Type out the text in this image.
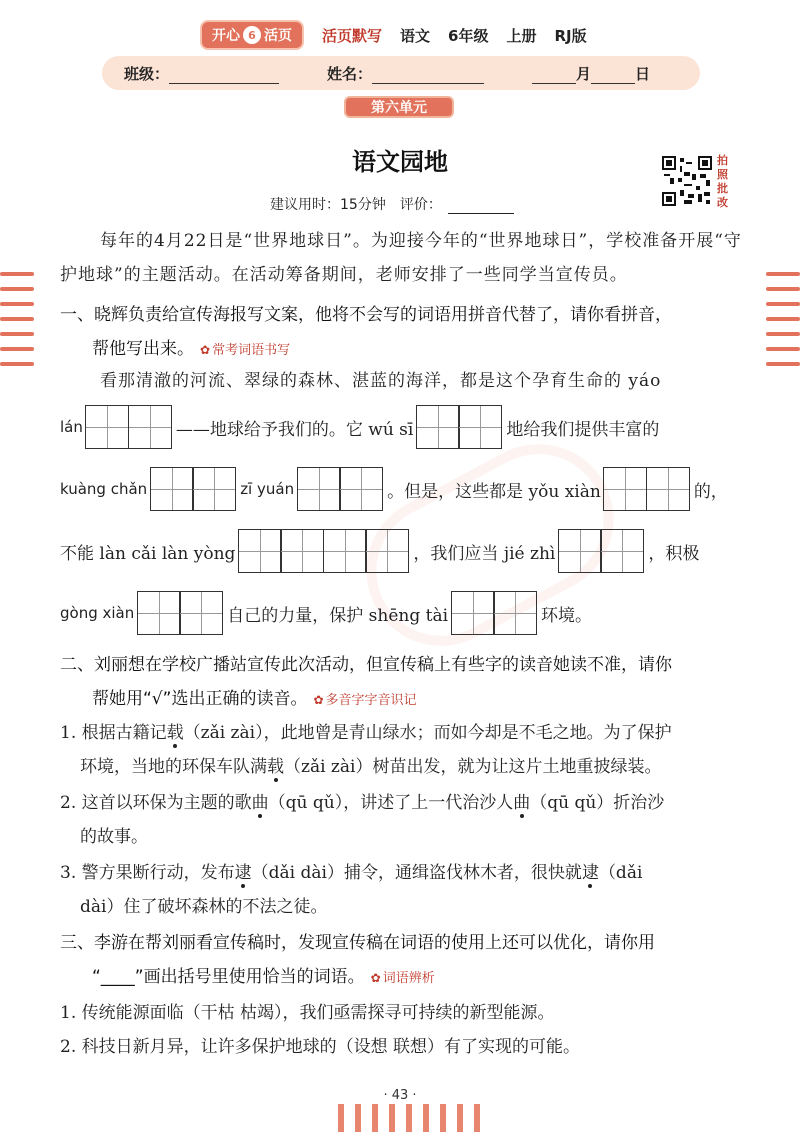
开心 6 活页 活页默写 语文 6年级 上册 RJ版
班级：	姓名：	月	日
第六单元
语文园地
建议用时：15分钟 评价：
拍
照
批
改
每年的4月22日是“世界地球日”。为迎接今年的“世界地球日”，学校准备开展“守护地球”的主题活动。在活动筹备期间，老师安排了一些同学当宣传员。
一、晓辉负责给宣传海报写文案，他将不会写的词语用拼音代替了，请你看拼音，
帮他写出来。 ✿ 常考词语书写
看那清澈的河流、翠绿的森林、湛蓝的海洋，都是这个孕育生命的 yáo
lán	——地球给予我们的。它 wú sī	地给我们提供丰富的
kuàng chǎn	zī yuán	。但是，这些都是 yǒu xiàn	的，
不能 làn cǎi làn yòng	，我们应当 jié zhì	，积极
gòng xiàn	自己的力量，保护 shēng tài	环境。
二、刘丽想在学校广播站宣传此次活动，但宣传稿上有些字的读音她读不准，请你
帮她用“√”选出正确的读音。 ✿ 多音字字音识记
1. 根据古籍记载（zǎi zài），此地曾是青山绿水；而如今却是不毛之地。为了保护
环境，当地的环保车队满载（zǎi zài）树苗出发，就为让这片土地重披绿装。
2. 这首以环保为主题的歌曲（qū qǔ），讲述了上一代治沙人曲（qū qǔ）折治沙
的故事。
3. 警方果断行动，发布逮（dǎi dài）捕令，通缉盗伐林木者，很快就逮（dǎi
dài）住了破坏森林的不法之徒。
三、李游在帮刘丽看宣传稿时，发现宣传稿在词语的使用上还可以优化，请你用
“____”画出括号里使用恰当的词语。 ✿ 词语辨析
1. 传统能源面临（干枯 枯竭），我们亟需探寻可持续的新型能源。
2. 科技日新月异，让许多保护地球的（设想 联想）有了实现的可能。
· 43 ·
